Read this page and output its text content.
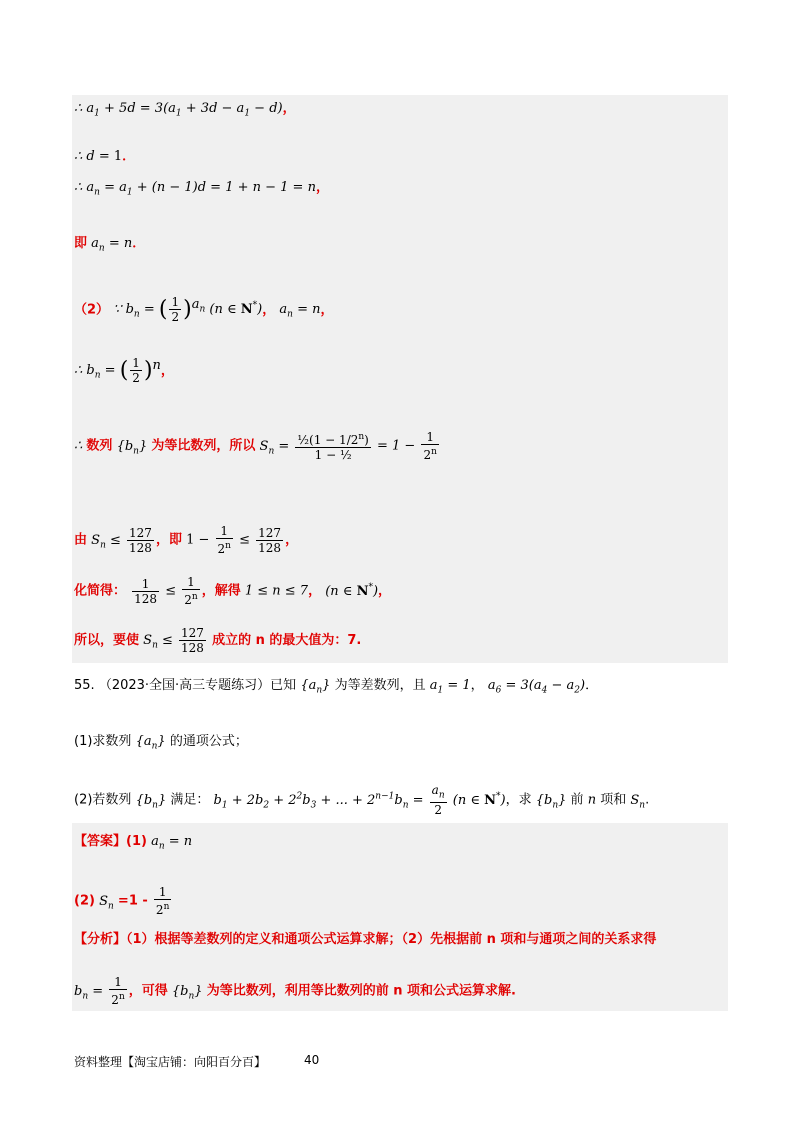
∴ $a_1 + 5d = 3(a_1 + 3d - a_1 - d)$，
∴ d = 1．
∴ $a_n = a_1 + (n - 1)d = 1 + n - 1 = n$，
即 $a_n = n$．
（2） ∵ $b_n$ = ( $\frac{1}{2} )^{a_n}$ (n ∈ N*)， $a_n = n$，
∴ $b_n$ = ( $\frac{1}{2} )^n$，
∴ 数列 $\{b_n\}$ 为等比数列，所以 $S_n = \frac{\frac{1}{2}(1 - 1/2^n)}{\text{1 − ½}} = 1 - \frac{1}{2^n}$
由 $S_n \le \frac{127}{128}$ ，即 $1 - \frac{1}{2^n} \le \frac{127}{128}$ ，
化简得： $\frac{1}{128} \le \frac{1}{2^n}$ ，解得 1 ≤ n ≤ 7， (n ∈ N*)，
所以，要使 $S_n \le \frac{127}{128}$ 成立的 n 的最大值为：7.
55. （2023·全国·高三专题练习）已知 $\{a_n\}$ 为等差数列，且 $a_1 = 1$， $a_6 = 3(a_4 - a_2)$．
(1)求数列 $\{a_n\}$ 的通项公式；
(2)若数列 $\{b_n\}$ 满足： $b_1 + 2b_2 + 2^2b_3$ + ... + $2^{n-1}b_n = \frac{a_n}{2} (n$ ∈ N*)，求 $\{b_n\}$ 前 n 项和 $S_n$.
【答案】(1) $a_n = n$
(2) $S_n =1 - \frac{1}{2^n}$
【分析】（1）根据等差数列的定义和通项公式运算求解；（2）先根据前 n 项和与通项之间的关系求得
$b_n = \frac{1}{2^n}$ ，可得 $\{b_n\}$ 为等比数列，利用等比数列的前 n 项和公式运算求解.
资料整理【淘宝店铺：向阳百分百】	40
